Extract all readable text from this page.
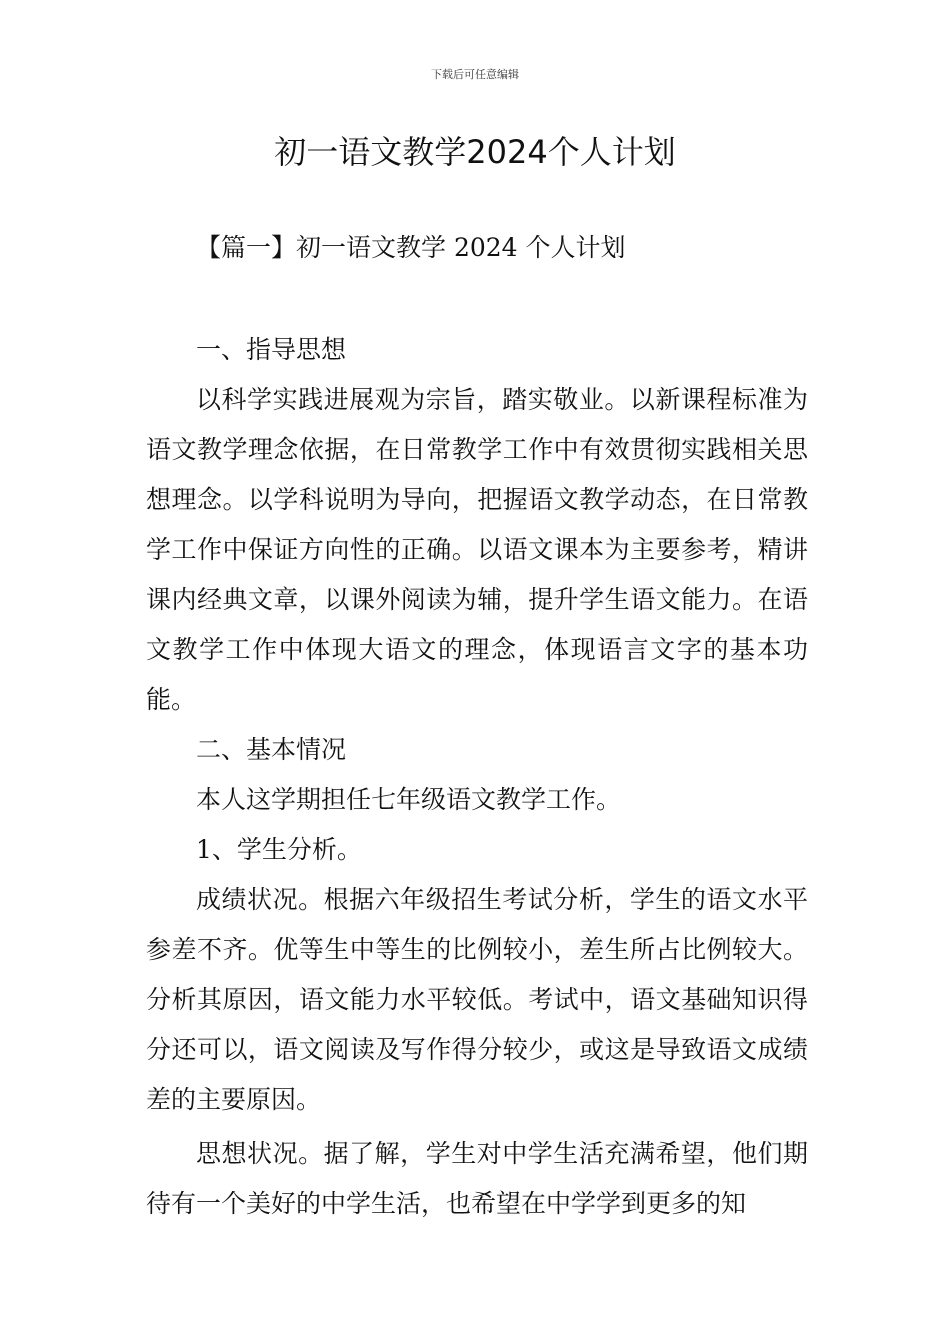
下载后可任意编辑
初一语文教学2024个人计划

【篇一】初一语文教学 2024 个人计划

一、指导思想

以科学实践进展观为宗旨，踏实敬业。以新课程标准为语文教学理念依据，在日常教学工作中有效贯彻实践相关思想理念。以学科说明为导向，把握语文教学动态，在日常教学工作中保证方向性的正确。以语文课本为主要参考，精讲课内经典文章，以课外阅读为辅，提升学生语文能力。在语文教学工作中体现大语文的理念，体现语言文字的基本功能。

二、基本情况

本人这学期担任七年级语文教学工作。

1、学生分析。

成绩状况。根据六年级招生考试分析，学生的语文水平参差不齐。优等生中等生的比例较小，差生所占比例较大。分析其原因，语文能力水平较低。考试中，语文基础知识得分还可以，语文阅读及写作得分较少，或这是导致语文成绩差的主要原因。

思想状况。据了解，学生对中学生活充满希望，他们期待有一个美好的中学生活，也希望在中学学到更多的知
